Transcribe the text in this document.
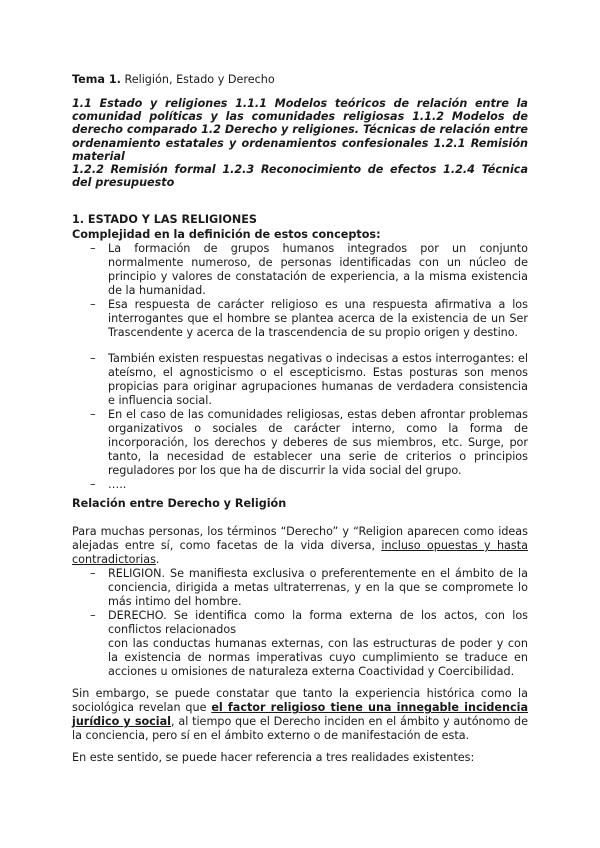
Tema 1. Religión, Estado y Derecho

1.1 Estado y religiones 1.1.1 Modelos teóricos de relación entre la comunidad políticas y las comunidades religiosas 1.1.2 Modelos de derecho comparado 1.2 Derecho y religiones. Técnicas de relación entre ordenamiento estatales y ordenamientos confesionales 1.2.1 Remisión material

1.2.2 Remisión formal 1.2.3 Reconocimiento de efectos 1.2.4 Técnica del presupuesto

1. ESTADO Y LAS RELIGIONES

Complejidad en la definición de estos conceptos:

– La formación de grupos humanos integrados por un conjunto normalmente numeroso, de personas identificadas con un núcleo de principio y valores de constatación de experiencia, a la misma existencia de la humanidad.
– Esa respuesta de carácter religioso es una respuesta afirmativa a los interrogantes que el hombre se plantea acerca de la existencia de un Ser Trascendente y acerca de la trascendencia de su propio origen y destino.
– También existen respuestas negativas o indecisas a estos interrogantes: el ateísmo, el agnosticismo o el escepticismo. Estas posturas son menos propicias para originar agrupaciones humanas de verdadera consistencia e influencia social.
– En el caso de las comunidades religiosas, estas deben afrontar problemas organizativos o sociales de carácter interno, como la forma de incorporación, los derechos y deberes de sus miembros, etc. Surge, por tanto, la necesidad de establecer una serie de criterios o principios reguladores por los que ha de discurrir la vida social del grupo.
– …..

Relación entre Derecho y Religión

Para muchas personas, los términos “Derecho” y “Religion aparecen como ideas alejadas entre sí, como facetas de la vida diversa, incluso opuestas y hasta contradictorias.

– RELIGION. Se manifiesta exclusiva o preferentemente en el ámbito de la conciencia, dirigida a metas ultraterrenas, y en la que se compromete lo más intimo del hombre.
– DERECHO. Se identifica como la forma externa de los actos, con los conflictos relacionados
con las conductas humanas externas, con las estructuras de poder y con la existencia de normas imperativas cuyo cumplimiento se traduce en acciones u omisiones de naturaleza externa Coactividad y Coercibilidad.

Sin embargo, se puede constatar que tanto la experiencia histórica como la sociológica revelan que el factor religioso tiene una innegable incidencia jurídico y social, al tiempo que el Derecho inciden en el ámbito y autónomo de la conciencia, pero sí en el ámbito externo o de manifestación de esta.

En este sentido, se puede hacer referencia a tres realidades existentes:
